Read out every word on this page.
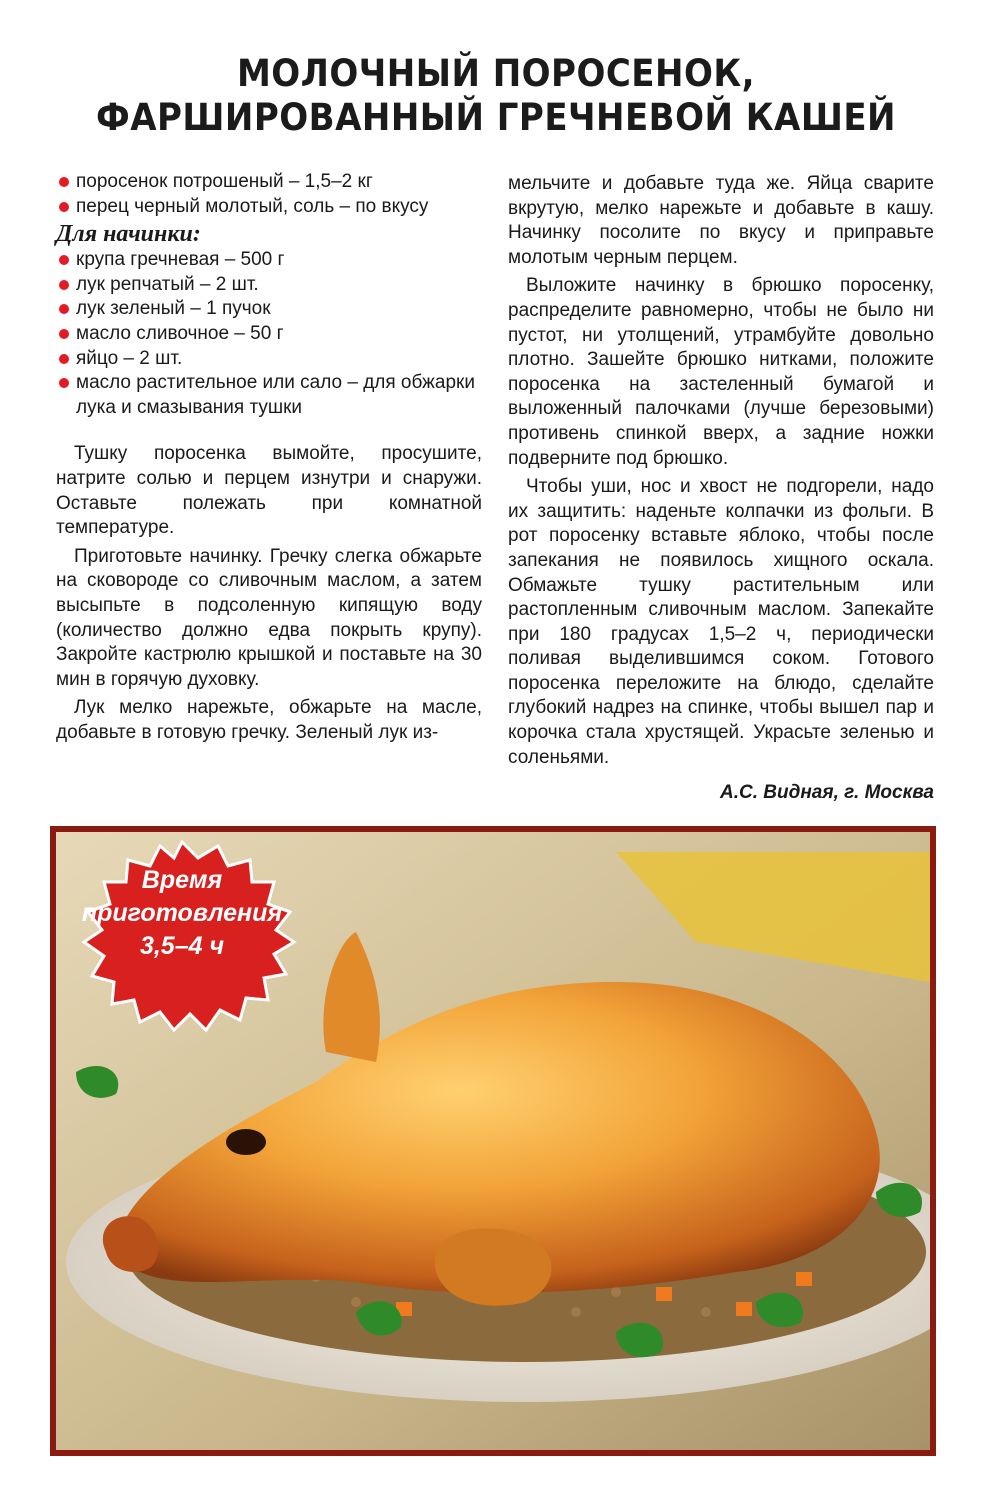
МОЛОЧНЫЙ ПОРОСЕНОК,
ФАРШИРОВАННЫЙ ГРЕЧНЕВОЙ КАШЕЙ
поросенок потрошеный – 1,5–2 кг
перец черный молотый, соль – по вкусу
Для начинки:
крупа гречневая – 500 г
лук репчатый – 2 шт.
лук зеленый – 1 пучок
масло сливочное – 50 г
яйцо – 2 шт.
масло растительное или сало – для обжарки лука и смазывания тушки

Тушку поросенка вымойте, просушите, натрите солью и перцем изнутри и снаружи. Оставьте полежать при комнатной температуре.

Приготовьте начинку. Гречку слегка обжарьте на сковороде со сливочным маслом, а затем высыпьте в подсоленную кипящую воду (количество должно едва покрыть крупу). Закройте кастрюлю крышкой и поставьте на 30 мин в горячую духовку.

Лук мелко нарежьте, обжарьте на масле, добавьте в готовую гречку. Зеленый лук из-

мельчите и добавьте туда же. Яйца сварите вкрутую, мелко нарежьте и добавьте в кашу. Начинку посолите по вкусу и приправьте молотым черным перцем.

Выложите начинку в брюшко поросенку, распределите равномерно, чтобы не было ни пустот, ни утолщений, утрамбуйте довольно плотно. Зашейте брюшко нитками, положите поросенка на застеленный бумагой и выложенный палочками (лучше березовыми) противень спинкой вверх, а задние ножки подверните под брюшко.

Чтобы уши, нос и хвост не подгорели, надо их защитить: наденьте колпачки из фольги. В рот поросенку вставьте яблоко, чтобы после запекания не появилось хищного оскала. Обмажьте тушку растительным или растопленным сливочным маслом. Запекайте при 180 градусах 1,5–2 ч, периодически поливая выделившимся соком. Готового поросенка переложите на блюдо, сделайте глубокий надрез на спинке, чтобы вышел пар и корочка стала хрустящей. Украсьте зеленью и соленьями.

А.С. Видная, г. Москва
Время
приготовления
3,5–4 ч
